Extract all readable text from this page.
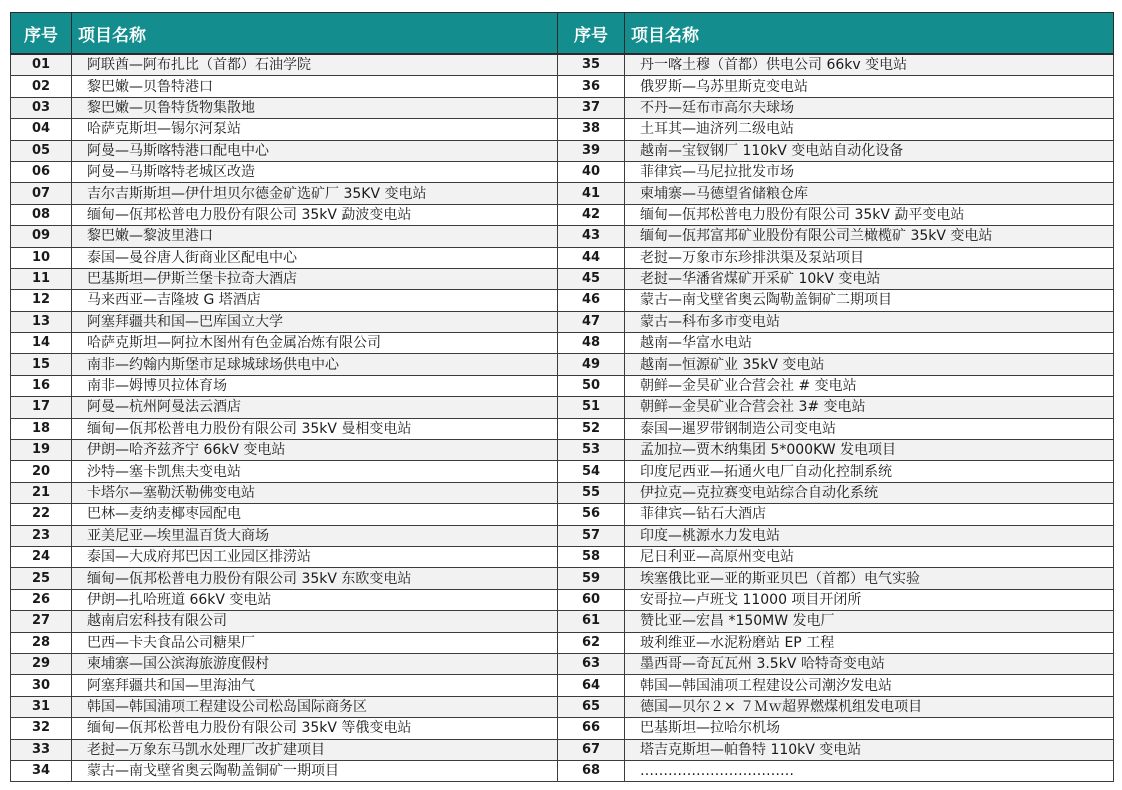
序号	项目名称	序号	项目名称
01	阿联酋—阿布扎比（首都）石油学院	35	丹一喀土穆（首都）供电公司 66kv 变电站
02	黎巴嫩—贝鲁特港口	36	俄罗斯—乌苏里斯克变电站
03	黎巴嫩—贝鲁特货物集散地	37	不丹—廷布市高尔夫球场
04	哈萨克斯坦—锡尔河泵站	38	土耳其—迪济列二级电站
05	阿曼—马斯喀特港口配电中心	39	越南—宝钗钢厂 110kV 变电站自动化设备
06	阿曼—马斯喀特老城区改造	40	菲律宾—马尼拉批发市场
07	吉尔吉斯斯坦—伊什坦贝尔德金矿选矿厂 35KV 变电站	41	柬埔寨—马德望省储粮仓库
08	缅甸—佤邦松普电力股份有限公司 35kV 勐波变电站	42	缅甸—佤邦松普电力股份有限公司 35kV 勐平变电站
09	黎巴嫩—黎波里港口	43	缅甸—佤邦富邦矿业股份有限公司兰橄榄矿 35kV 变电站
10	泰国—曼谷唐人街商业区配电中心	44	老挝—万象市东珍排洪渠及泵站项目
11	巴基斯坦—伊斯兰堡卡拉奇大酒店	45	老挝—华潘省煤矿开采矿 10kV 变电站
12	马来西亚—吉隆坡 G 塔酒店	46	蒙古—南戈壁省奥云陶勒盖铜矿二期项目
13	阿塞拜疆共和国—巴库国立大学	47	蒙古—科布多市变电站
14	哈萨克斯坦—阿拉木图州有色金属冶炼有限公司	48	越南—华富水电站
15	南非—约翰内斯堡市足球城球场供电中心	49	越南—恒源矿业 35kV 变电站
16	南非—姆博贝拉体育场	50	朝鲜—金昊矿业合营会社 # 变电站
17	阿曼—杭州阿曼法云酒店	51	朝鲜—金昊矿业合营会社 3# 变电站
18	缅甸—佤邦松普电力股份有限公司 35kV 曼相变电站	52	泰国—暹罗带钢制造公司变电站
19	伊朗—哈齐兹齐宁 66kV 变电站	53	孟加拉—贾木纳集团 5*000KW 发电项目
20	沙特—塞卡凯焦夫变电站	54	印度尼西亚—拓通火电厂自动化控制系统
21	卡塔尔—塞勒沃勒佛变电站	55	伊拉克—克拉赛变电站综合自动化系统
22	巴林—麦纳麦椰枣园配电	56	菲律宾—钻石大酒店
23	亚美尼亚—埃里温百货大商场	57	印度—桃源水力发电站
24	泰国—大成府邦巴因工业园区排涝站	58	尼日利亚—高原州变电站
25	缅甸—佤邦松普电力股份有限公司 35kV 东欧变电站	59	埃塞俄比亚—亚的斯亚贝巴（首都）电气实验
26	伊朗—扎哈班道 66kV 变电站	60	安哥拉—卢班戈 11000 项目开闭所
27	越南启宏科技有限公司	61	赞比亚—宏昌 *150MW 发电厂
28	巴西—卡夫食品公司糖果厂	62	玻利维亚—水泥粉磨站 EP 工程
29	柬埔寨—国公滨海旅游度假村	63	墨西哥—奇瓦瓦州 3.5kV 哈特奇变电站
30	阿塞拜疆共和国—里海油气	64	韩国—韩国浦项工程建设公司潮汐发电站
31	韩国—韩国浦项工程建设公司松岛国际商务区	65	德国—贝尔２× ７Ｍｗ超界燃煤机组发电项目
32	缅甸—佤邦松普电力股份有限公司 35kV 等俄变电站	66	巴基斯坦—拉哈尔机场
33	老挝—万象东马凯水处理厂改扩建项目	67	塔吉克斯坦—帕鲁特 110kV 变电站
34	蒙古—南戈壁省奥云陶勒盖铜矿一期项目	68	……………………………
